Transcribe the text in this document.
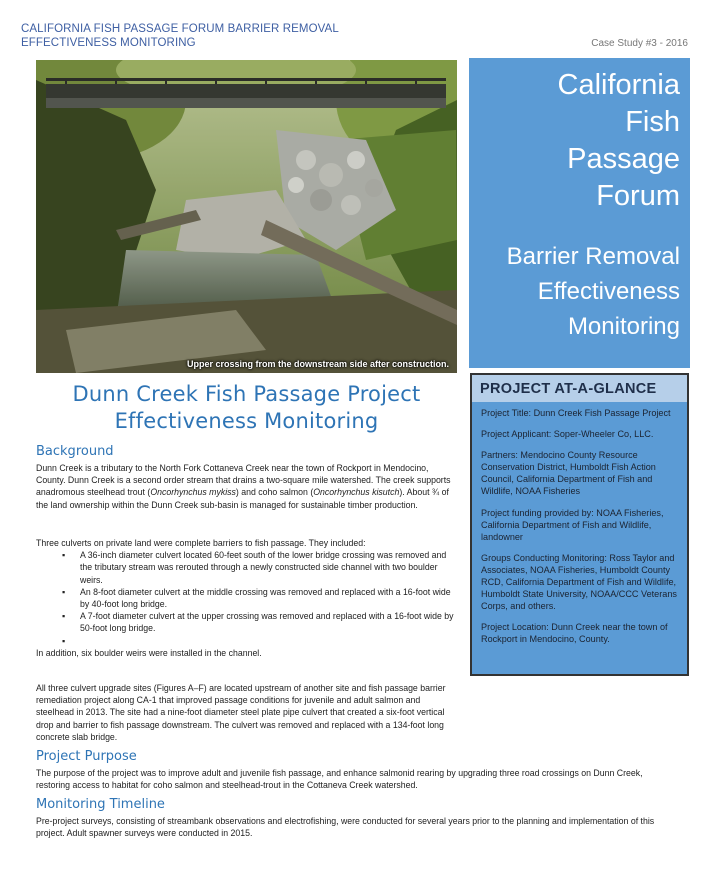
CALIFORNIA FISH PASSAGE FORUM BARRIER REMOVAL
EFFECTIVENESS MONITORING	Case Study #3 - 2016
Upper crossing from the downstream side after construction.
California
Fish
Passage
Forum
Barrier Removal
Effectiveness
Monitoring
PROJECT AT-A-GLANCE
Project Title: Dunn Creek Fish Passage Project
Project Applicant: Soper-Wheeler Co, LLC.
Partners: Mendocino County Resource Conservation District, Humboldt Fish Action Council, California Department of Fish and Wildlife, NOAA Fisheries
Project funding provided by: NOAA Fisheries, California Department of Fish and Wildlife, landowner
Groups Conducting Monitoring: Ross Taylor and Associates, NOAA Fisheries, Humboldt County RCD, California Department of Fish and Wildlife, Humboldt State University, NOAA/CCC Veterans Corps, and others.
Project Location: Dunn Creek near the town of Rockport in Mendocino, County.
Dunn Creek Fish Passage Project
Effectiveness Monitoring
Background
Dunn Creek is a tributary to the North Fork Cottaneva Creek near the town of Rockport in Mendocino, County. Dunn Creek is a second order stream that drains a two-square mile watershed. The creek supports anadromous steelhead trout (Oncorhynchus mykiss) and coho salmon (Oncorhynchus kisutch). About ¾ of the land ownership within the Dunn Creek sub-basin is managed for sustainable timber production.
Three culverts on private land were complete barriers to fish passage. They included:
▪ A 36-inch diameter culvert located 60-feet south of the lower bridge crossing was removed and the tributary stream was rerouted through a newly constructed side channel with two boulder weirs.
▪ An 8-foot diameter culvert at the middle crossing was removed and replaced with a 16-foot wide by 40-foot long bridge.
▪ A 7-foot diameter culvert at the upper crossing was removed and replaced with a 16-foot wide by 50-foot long bridge.
▪
In addition, six boulder weirs were installed in the channel.
All three culvert upgrade sites (Figures A–F) are located upstream of another site and fish passage barrier remediation project along CA-1 that improved passage conditions for juvenile and adult salmon and steelhead in 2013. The site had a nine-foot diameter steel plate pipe culvert that created a six-foot vertical drop and barrier to fish passage downstream. The culvert was removed and replaced with a 134-foot long concrete slab bridge.
Project Purpose
The purpose of the project was to improve adult and juvenile fish passage, and enhance salmonid rearing by upgrading three road crossings on Dunn Creek, restoring access to habitat for coho salmon and steelhead-trout in the Cottaneva Creek watershed.
Monitoring Timeline
Pre-project surveys, consisting of streambank observations and electrofishing, were conducted for several years prior to the planning and implementation of this project. Adult spawner surveys were conducted in 2015.
